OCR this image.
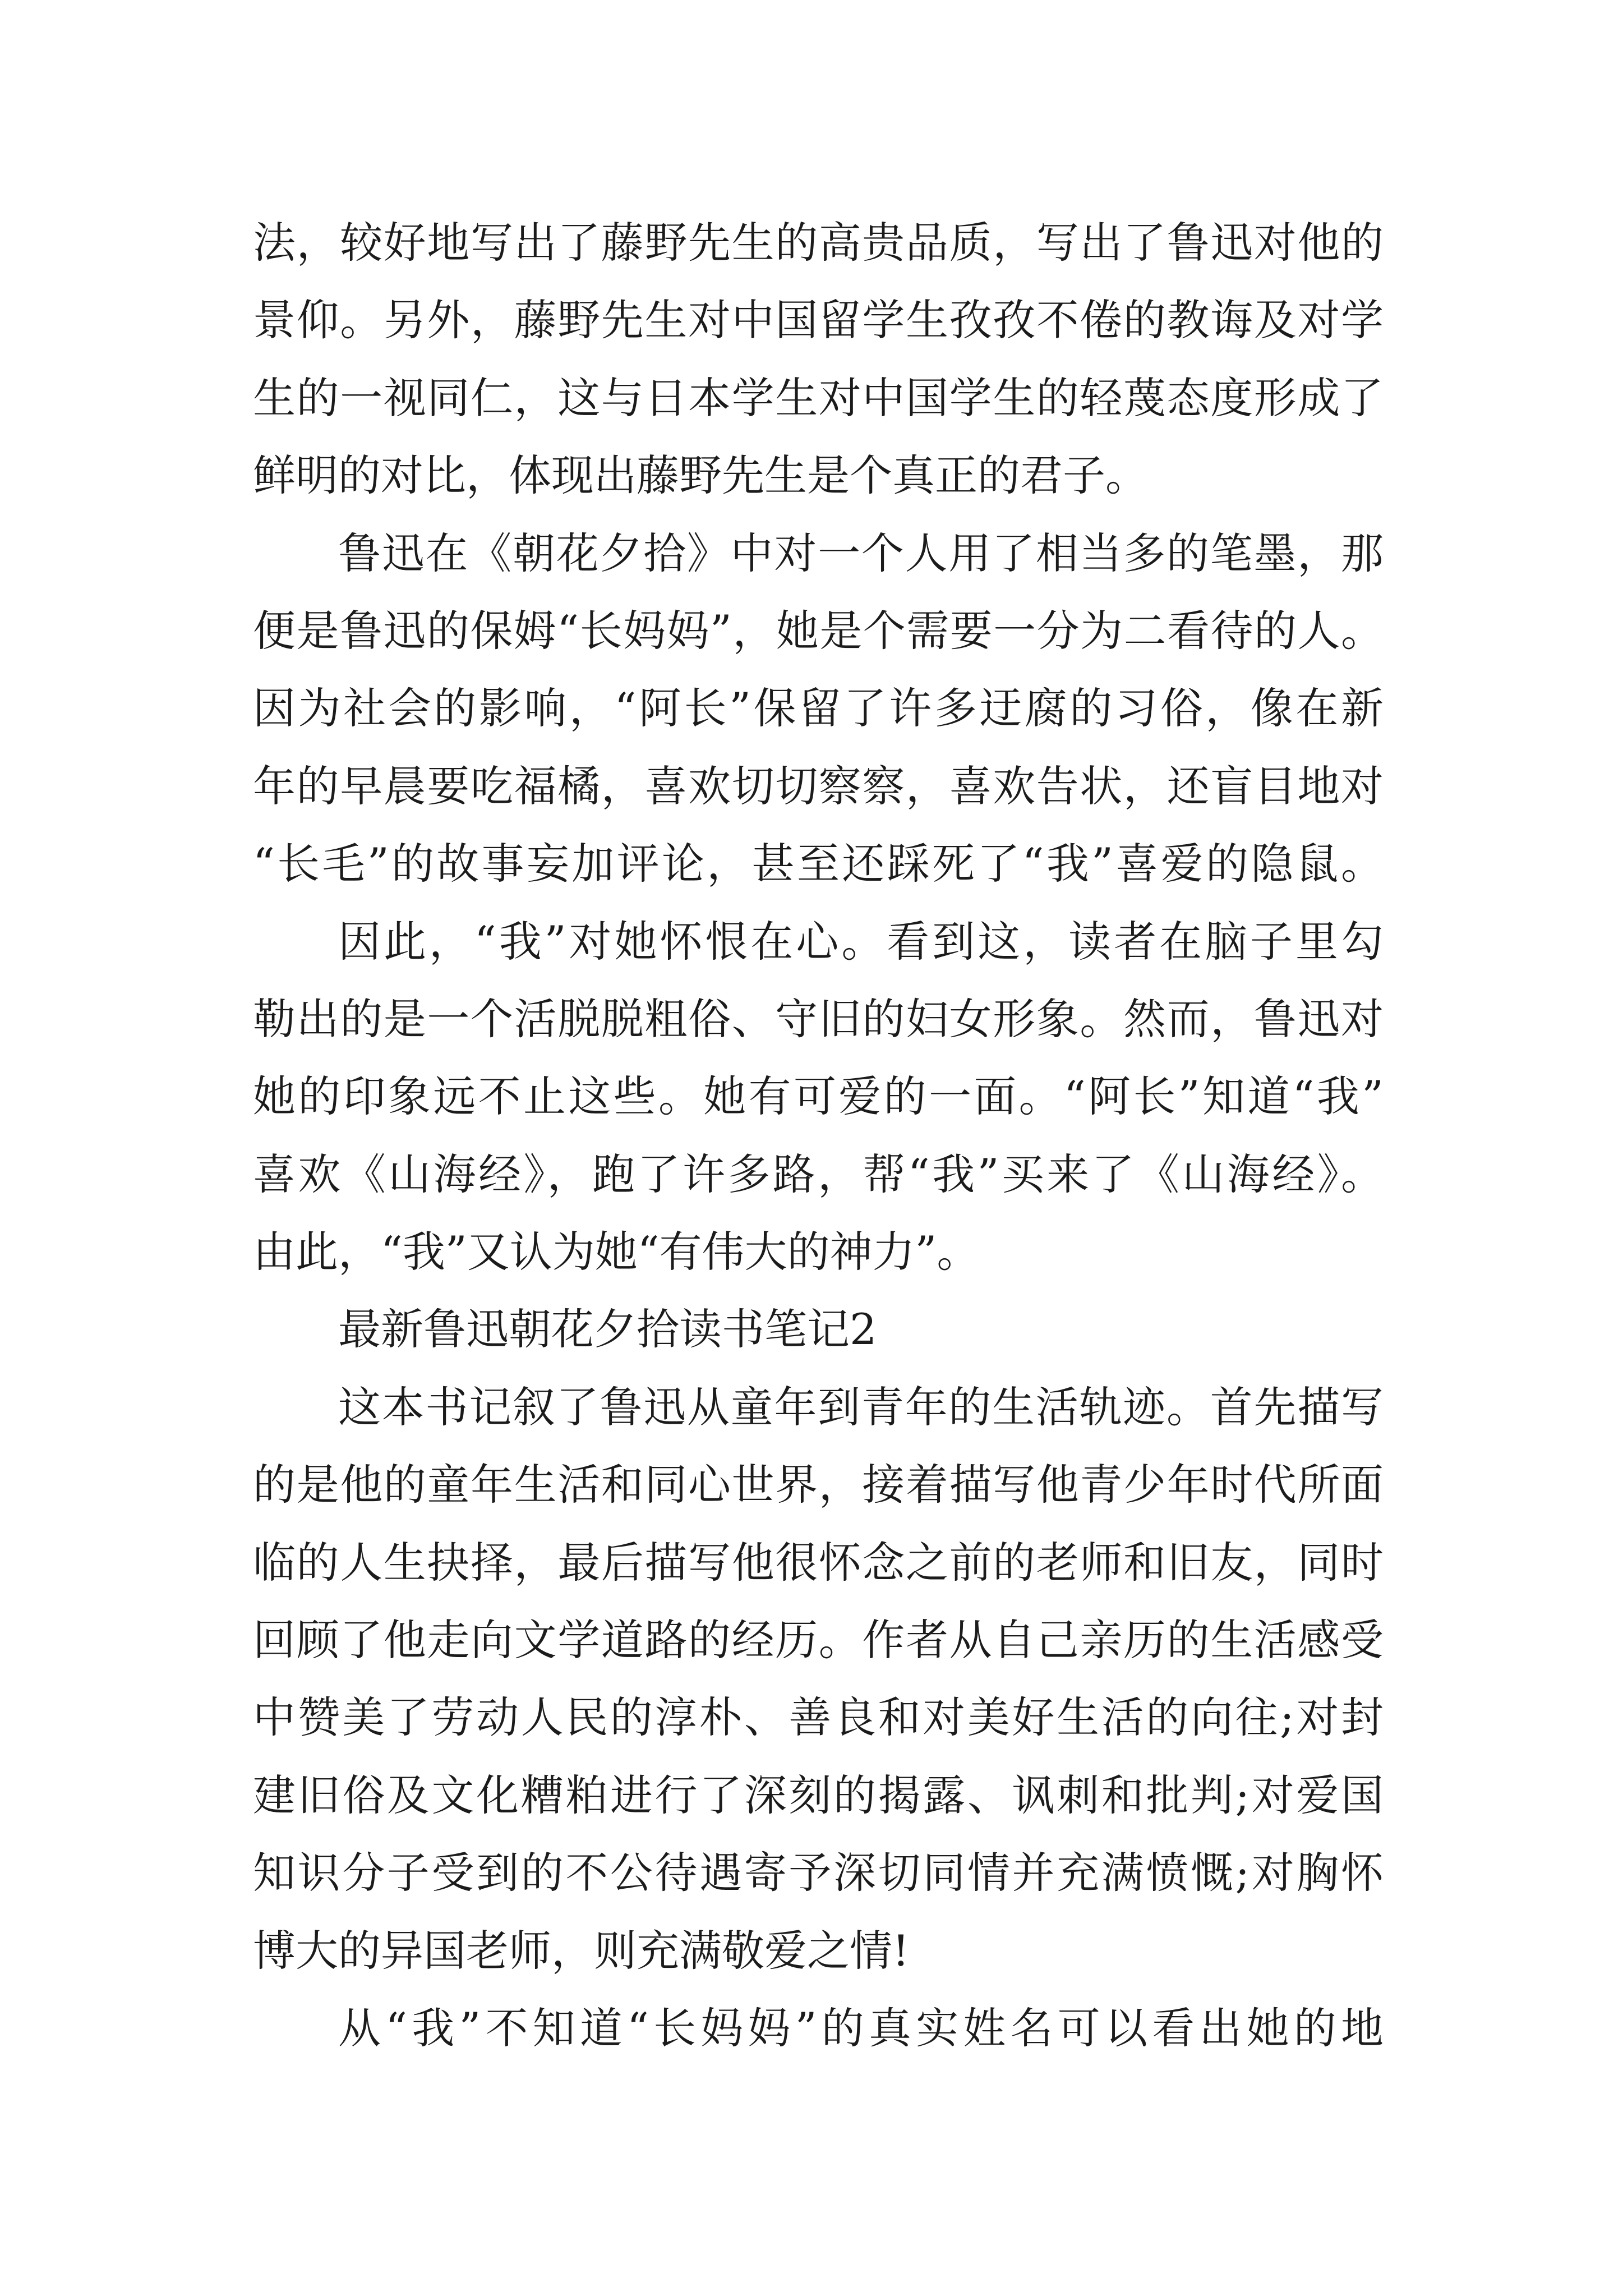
法，较好地写出了藤野先生的高贵品质，写出了鲁迅对他的
景仰。另外，藤野先生对中国留学生孜孜不倦的教诲及对学
生的一视同仁，这与日本学生对中国学生的轻蔑态度形成了
鲜明的对比，体现出藤野先生是个真正的君子。
鲁迅在《朝花夕拾》中对一个人用了相当多的笔墨，那
便是鲁迅的保姆“长妈妈”，她是个需要一分为二看待的人。
因为社会的影响，“阿长”保留了许多迂腐的习俗，像在新
年的早晨要吃福橘，喜欢切切察察，喜欢告状，还盲目地对
“长毛”的故事妄加评论，甚至还踩死了“我”喜爱的隐鼠。
因此，“我”对她怀恨在心。看到这，读者在脑子里勾
勒出的是一个活脱脱粗俗、守旧的妇女形象。然而，鲁迅对
她的印象远不止这些。她有可爱的一面。“阿长”知道“我”
喜欢《山海经》，跑了许多路，帮“我”买来了《山海经》。
由此，“我”又认为她“有伟大的神力”。
最新鲁迅朝花夕拾读书笔记2
这本书记叙了鲁迅从童年到青年的生活轨迹。首先描写
的是他的童年生活和同心世界，接着描写他青少年时代所面
临的人生抉择，最后描写他很怀念之前的老师和旧友，同时
回顾了他走向文学道路的经历。作者从自己亲历的生活感受
中赞美了劳动人民的淳朴、善良和对美好生活的向往;对封
建旧俗及文化糟粕进行了深刻的揭露、讽刺和批判;对爱国
知识分子受到的不公待遇寄予深切同情并充满愤慨;对胸怀
博大的异国老师，则充满敬爱之情!
从“我”不知道“长妈妈”的真实姓名可以看出她的地
